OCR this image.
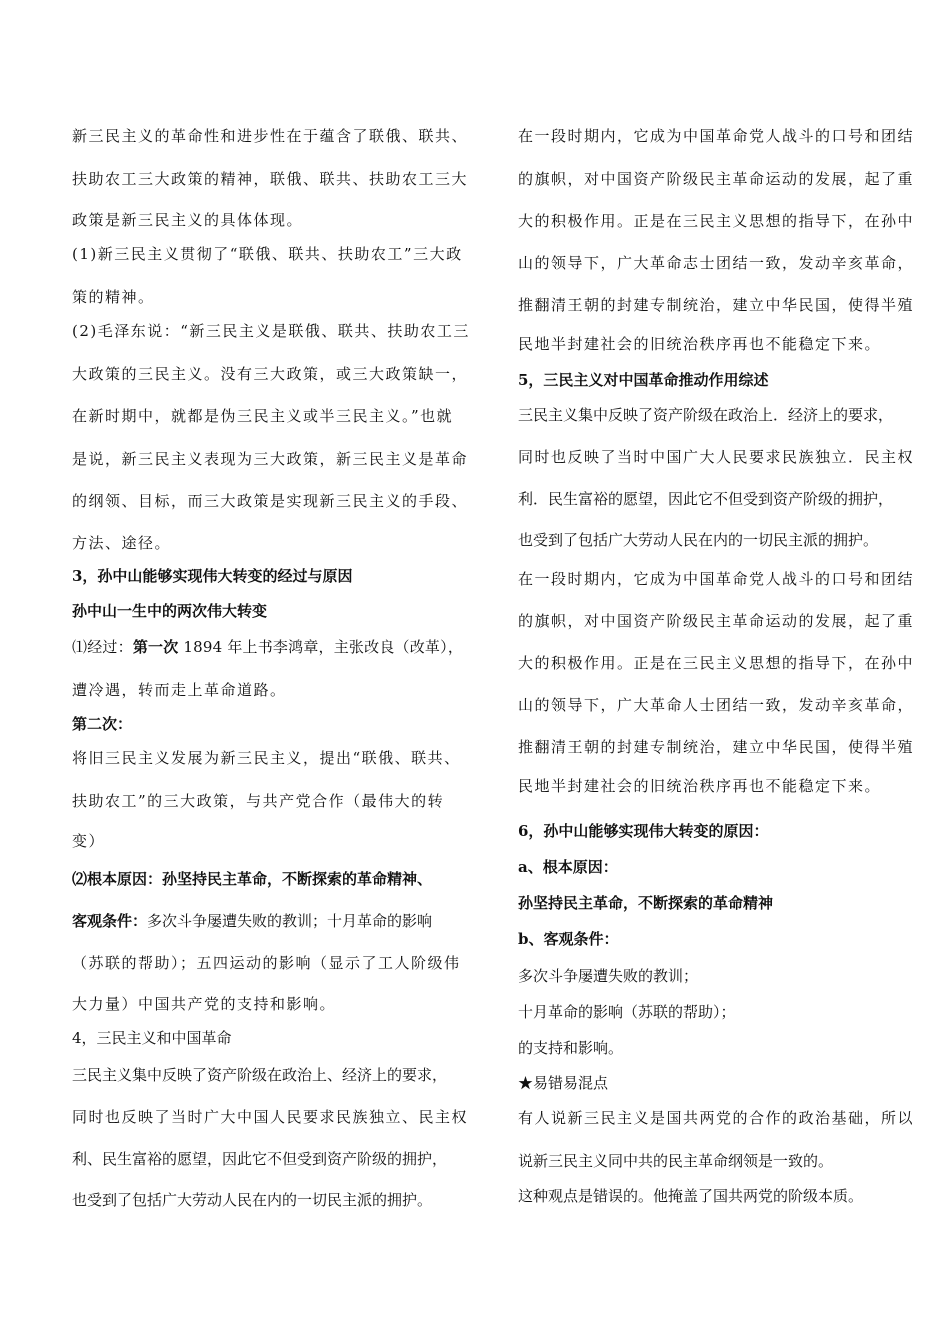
新三民主义的革命性和进步性在于蕴含了联俄、联共、
扶助农工三大政策的精神，联俄、联共、扶助农工三大
政策是新三民主义的具体体现。
(1)新三民主义贯彻了“联俄、联共、扶助农工”三大政
策的精神。
(2)毛泽东说：“新三民主义是联俄、联共、扶助农工三
大政策的三民主义。没有三大政策，或三大政策缺一，
在新时期中，就都是伪三民主义或半三民主义。”也就
是说，新三民主义表现为三大政策，新三民主义是革命
的纲领、目标，而三大政策是实现新三民主义的手段、
方法、途径。
3，孙中山能够实现伟大转变的经过与原因
孙中山一生中的两次伟大转变
⑴经过：第一次 1894 年上书李鸿章，主张改良（改革），
遭冷遇，转而走上革命道路。
第二次：
将旧三民主义发展为新三民主义，提出“联俄、联共、
扶助农工”的三大政策，与共产党合作（最伟大的转
变）
⑵根本原因：孙坚持民主革命，不断探索的革命精神、
客观条件：多次斗争屡遭失败的教训；十月革命的影响
（苏联的帮助）；五四运动的影响（显示了工人阶级伟
大力量）中国共产党的支持和影响。
4，三民主义和中国革命
三民主义集中反映了资产阶级在政治上、经济上的要求，
同时也反映了当时广大中国人民要求民族独立、民主权
利、民生富裕的愿望，因此它不但受到资产阶级的拥护，
也受到了包括广大劳动人民在内的一切民主派的拥护。
在一段时期内，它成为中国革命党人战斗的口号和团结
的旗帜，对中国资产阶级民主革命运动的发展，起了重
大的积极作用。正是在三民主义思想的指导下，在孙中
山的领导下，广大革命志士团结一致，发动辛亥革命，
推翻清王朝的封建专制统治，建立中华民国，使得半殖
民地半封建社会的旧统治秩序再也不能稳定下来。
5，三民主义对中国革命推动作用综述
三民主义集中反映了资产阶级在政治上．经济上的要求，
同时也反映了当时中国广大人民要求民族独立．民主权
利．民生富裕的愿望，因此它不但受到资产阶级的拥护，
也受到了包括广大劳动人民在内的一切民主派的拥护。
在一段时期内，它成为中国革命党人战斗的口号和团结
的旗帜，对中国资产阶级民主革命运动的发展，起了重
大的积极作用。正是在三民主义思想的指导下，在孙中
山的领导下，广大革命人士团结一致，发动辛亥革命，
推翻清王朝的封建专制统治，建立中华民国，使得半殖
民地半封建社会的旧统治秩序再也不能稳定下来。
6，孙中山能够实现伟大转变的原因：
a、根本原因：
孙坚持民主革命，不断探索的革命精神
b、客观条件：
多次斗争屡遭失败的教训；
十月革命的影响（苏联的帮助）；
的支持和影响。
★易错易混点
有人说新三民主义是国共两党的合作的政治基础，所以
说新三民主义同中共的民主革命纲领是一致的。
这种观点是错误的。他掩盖了国共两党的阶级本质。
